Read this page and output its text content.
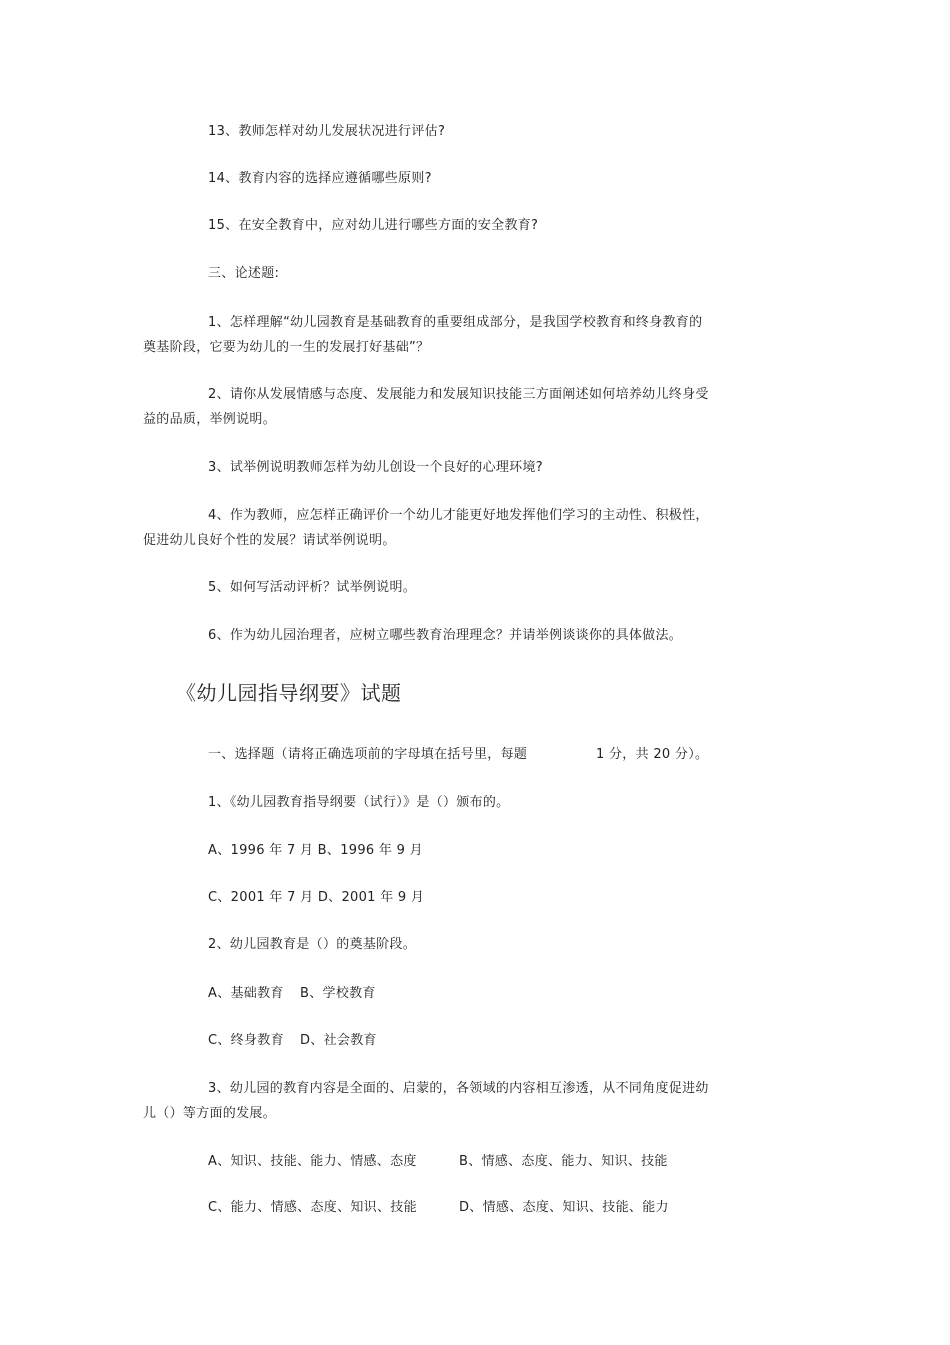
13、教师怎样对幼儿发展状况进行评估?
14、教育内容的选择应遵循哪些原则?
15、在安全教育中，应对幼儿进行哪些方面的安全教育?
三、论述题:
1、怎样理解“幼儿园教育是基础教育的重要组成部分，是我国学校教育和终身教育的
奠基阶段，它要为幼儿的一生的发展打好基础”？
2、请你从发展情感与态度、发展能力和发展知识技能三方面阐述如何培养幼儿终身受
益的品质，举例说明。
3、试举例说明教师怎样为幼儿创设一个良好的心理环境?
4、作为教师，应怎样正确评价一个幼儿才能更好地发挥他们学习的主动性、积极性，
促进幼儿良好个性的发展？请试举例说明。
5、如何写活动评析？试举例说明。
6、作为幼儿园治理者，应树立哪些教育治理理念？并请举例谈谈你的具体做法。
《幼儿园指导纲要》试题
一、选择题（请将正确选项前的字母填在括号里，每题	1 分，共 20 分）。
1、《幼儿园教育指导纲要（试行）》是（）颁布的。
A、1996 年 7 月 B、1996 年 9 月
C、2001 年 7 月 D、2001 年 9 月
2、幼儿园教育是（）的奠基阶段。
A、基础教育 B、学校教育
C、终身教育 D、社会教育
3、幼儿园的教育内容是全面的、启蒙的，各领域的内容相互渗透，从不同角度促进幼
儿（）等方面的发展。
A、知识、技能、能力、情感、态度	B、情感、态度、能力、知识、技能
C、能力、情感、态度、知识、技能	D、情感、态度、知识、技能、能力
